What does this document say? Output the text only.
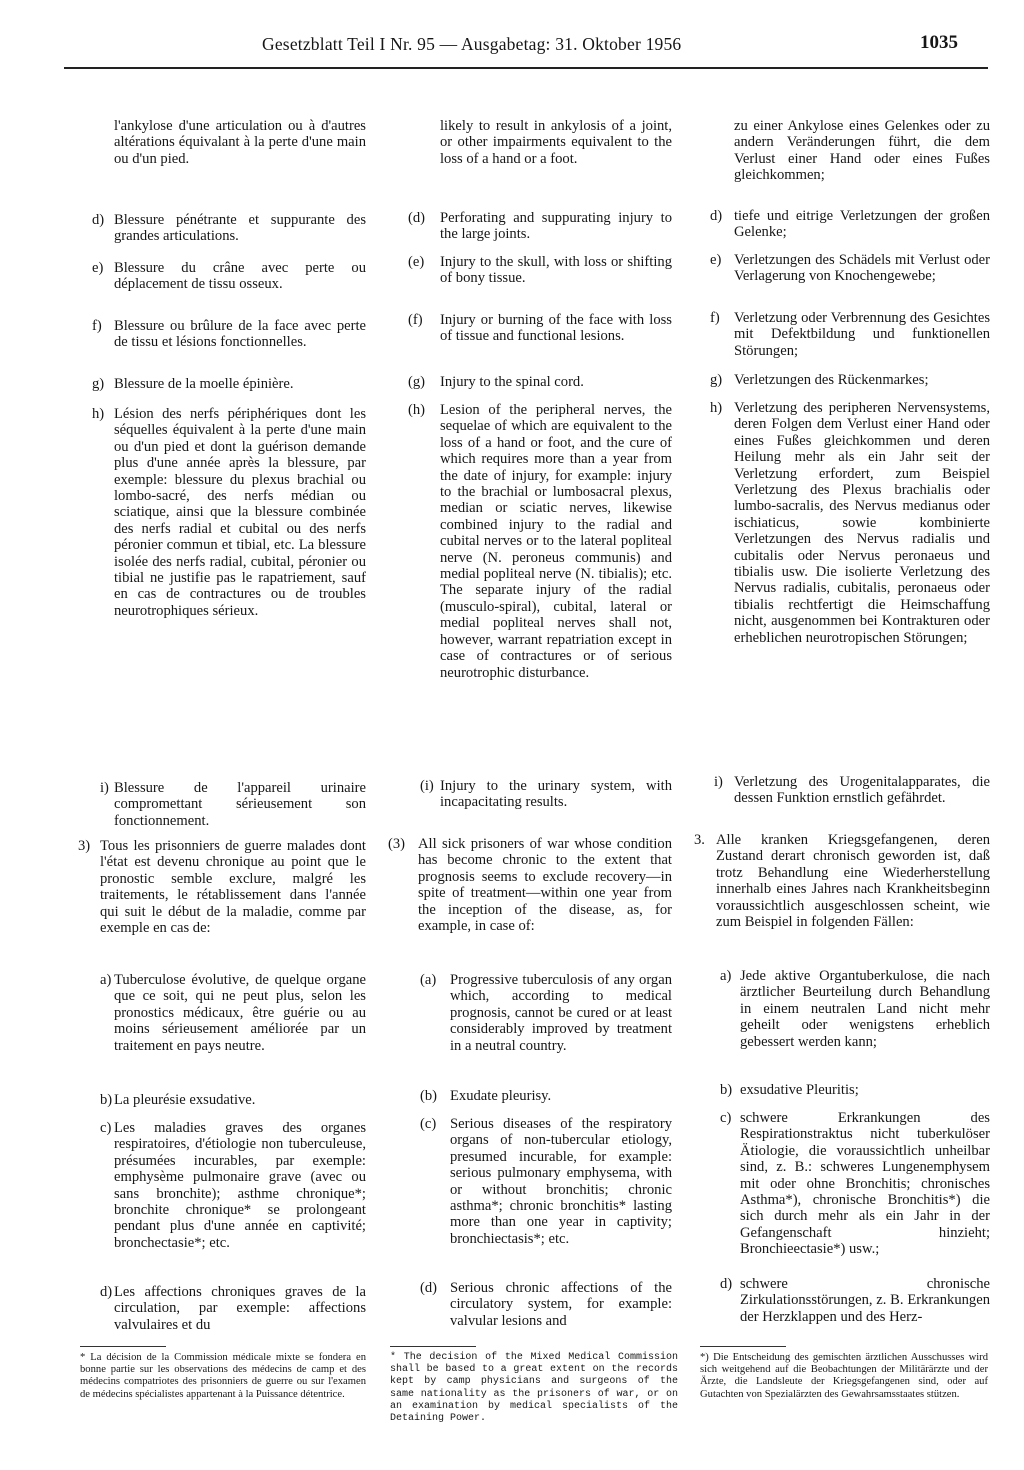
Gesetzblatt Teil I Nr. 95 — Ausgabetag: 31. Oktober 1956	1035
l'ankylose d'une articulation ou à d'autres altérations équivalant à la perte d'une main ou d'un pied.
d) Blessure pénétrante et suppurante des grandes articulations.
e) Blessure du crâne avec perte ou déplacement de tissu osseux.
f) Blessure ou brûlure de la face avec perte de tissu et lésions fonctionnelles.
g) Blessure de la moelle épinière.
h) Lésion des nerfs périphériques dont les séquelles équivalent à la perte d'une main ou d'un pied et dont la guérison demande plus d'une année après la blessure, par exemple: blessure du plexus brachial ou lombo-sacré, des nerfs médian ou sciatique, ainsi que la blessure combinée des nerfs radial et cubital ou des nerfs péronier commun et tibial, etc. La blessure isolée des nerfs radial, cubital, péronier ou tibial ne justifie pas le rapatriement, sauf en cas de contractures ou de troubles neurotrophiques sérieux.
i) Blessure de l'appareil urinaire compromettant sérieusement son fonctionnement.
3) Tous les prisonniers de guerre malades dont l'état est devenu chronique au point que le pronostic semble exclure, malgré les traitements, le rétablissement dans l'année qui suit le début de la maladie, comme par exemple en cas de:
a) Tuberculose évolutive, de quelque organe que ce soit, qui ne peut plus, selon les pronostics médicaux, être guérie ou au moins sérieusement améliorée par un traitement en pays neutre.
b) La pleurésie exsudative.
c) Les maladies graves des organes respiratoires, d'étiologie non tuberculeuse, présumées incurables, par exemple: emphysème pulmonaire grave (avec ou sans bronchite); asthme chronique*; bronchite chronique* se prolongeant pendant plus d'une année en captivité; bronchectasie*; etc.
d) Les affections chroniques graves de la circulation, par exemple: affections valvulaires et du
likely to result in ankylosis of a joint, or other impairments equivalent to the loss of a hand or a foot.
(d) Perforating and suppurating injury to the large joints.
(e) Injury to the skull, with loss or shifting of bony tissue.
(f) Injury or burning of the face with loss of tissue and functional lesions.
(g) Injury to the spinal cord.
(h) Lesion of the peripheral nerves, the sequelae of which are equivalent to the loss of a hand or foot, and the cure of which requires more than a year from the date of injury, for example: injury to the brachial or lumbosacral plexus, median or sciatic nerves, likewise combined injury to the radial and cubital nerves or to the lateral popliteal nerve (N. peroneus communis) and medial popliteal nerve (N. tibialis); etc. The separate injury of the radial (musculo-spiral), cubital, lateral or medial popliteal nerves shall not, however, warrant repatriation except in case of contractures or of serious neurotrophic disturbance.
(i) Injury to the urinary system, with incapacitating results.
(3) All sick prisoners of war whose condition has become chronic to the extent that prognosis seems to exclude recovery—in spite of treatment—within one year from the inception of the disease, as, for example, in case of:
(a) Progressive tuberculosis of any organ which, according to medical prognosis, cannot be cured or at least considerably improved by treatment in a neutral country.
(b) Exudate pleurisy.
(c) Serious diseases of the respiratory organs of non-tubercular etiology, presumed incurable, for example: serious pulmonary emphysema, with or without bronchitis; chronic asthma*; chronic bronchitis* lasting more than one year in captivity; bronchiectasis*; etc.
(d) Serious chronic affections of the circulatory system, for example: valvular lesions and
zu einer Ankylose eines Gelenkes oder zu andern Veränderungen führt, die dem Verlust einer Hand oder eines Fußes gleichkommen;
d) tiefe und eitrige Verletzungen der großen Gelenke;
e) Verletzungen des Schädels mit Verlust oder Verlagerung von Knochengewebe;
f) Verletzung oder Verbrennung des Gesichtes mit Defektbildung und funktionellen Störungen;
g) Verletzungen des Rückenmarkes;
h) Verletzung des peripheren Nervensystems, deren Folgen dem Verlust einer Hand oder eines Fußes gleichkommen und deren Heilung mehr als ein Jahr seit der Verletzung erfordert, zum Beispiel Verletzung des Plexus brachialis oder lumbo-sacralis, des Nervus medianus oder ischiaticus, sowie kombinierte Verletzungen des Nervus radialis und cubitalis oder Nervus peronaeus und tibialis usw. Die isolierte Verletzung des Nervus radialis, cubitalis, peronaeus oder tibialis rechtfertigt die Heimschaffung nicht, ausgenommen bei Kontrakturen oder erheblichen neurotropischen Störungen;
i) Verletzung des Urogenitalapparates, die dessen Funktion ernstlich gefährdet.
3. Alle kranken Kriegsgefangenen, deren Zustand derart chronisch geworden ist, daß trotz Behandlung eine Wiederherstellung innerhalb eines Jahres nach Krankheitsbeginn voraussichtlich ausgeschlossen scheint, wie zum Beispiel in folgenden Fällen:
a) Jede aktive Organtuberkulose, die nach ärztlicher Beurteilung durch Behandlung in einem neutralen Land nicht mehr geheilt oder wenigstens erheblich gebessert werden kann;
b) exsudative Pleuritis;
c) schwere Erkrankungen des Respirationstraktus nicht tuberkulöser Ätiologie, die voraussichtlich unheilbar sind, z. B.: schweres Lungenemphysem mit oder ohne Bronchitis; chronisches Asthma*), chronische Bronchitis*) die sich durch mehr als ein Jahr in der Gefangenschaft hinzieht; Bronchieectasie*) usw.;
d) schwere chronische Zirkulationsstörungen, z. B. Erkrankungen der Herzklappen und des Herz-
* La décision de la Commission médicale mixte se fondera en bonne partie sur les observations des médecins de camp et des médecins compatriotes des prisonniers de guerre ou sur l'examen de médecins spécialistes appartenant à la Puissance détentrice.
* The decision of the Mixed Medical Commission shall be based to a great extent on the records kept by camp physicians and surgeons of the same nationality as the prisoners of war, or on an examination by medical specialists of the Detaining Power.
*) Die Entscheidung des gemischten ärztlichen Ausschusses wird sich weitgehend auf die Beobachtungen der Militärärzte und der Ärzte, die Landsleute der Kriegsgefangenen sind, oder auf Gutachten von Spezialärzten des Gewahrsamsstaates stützen.
